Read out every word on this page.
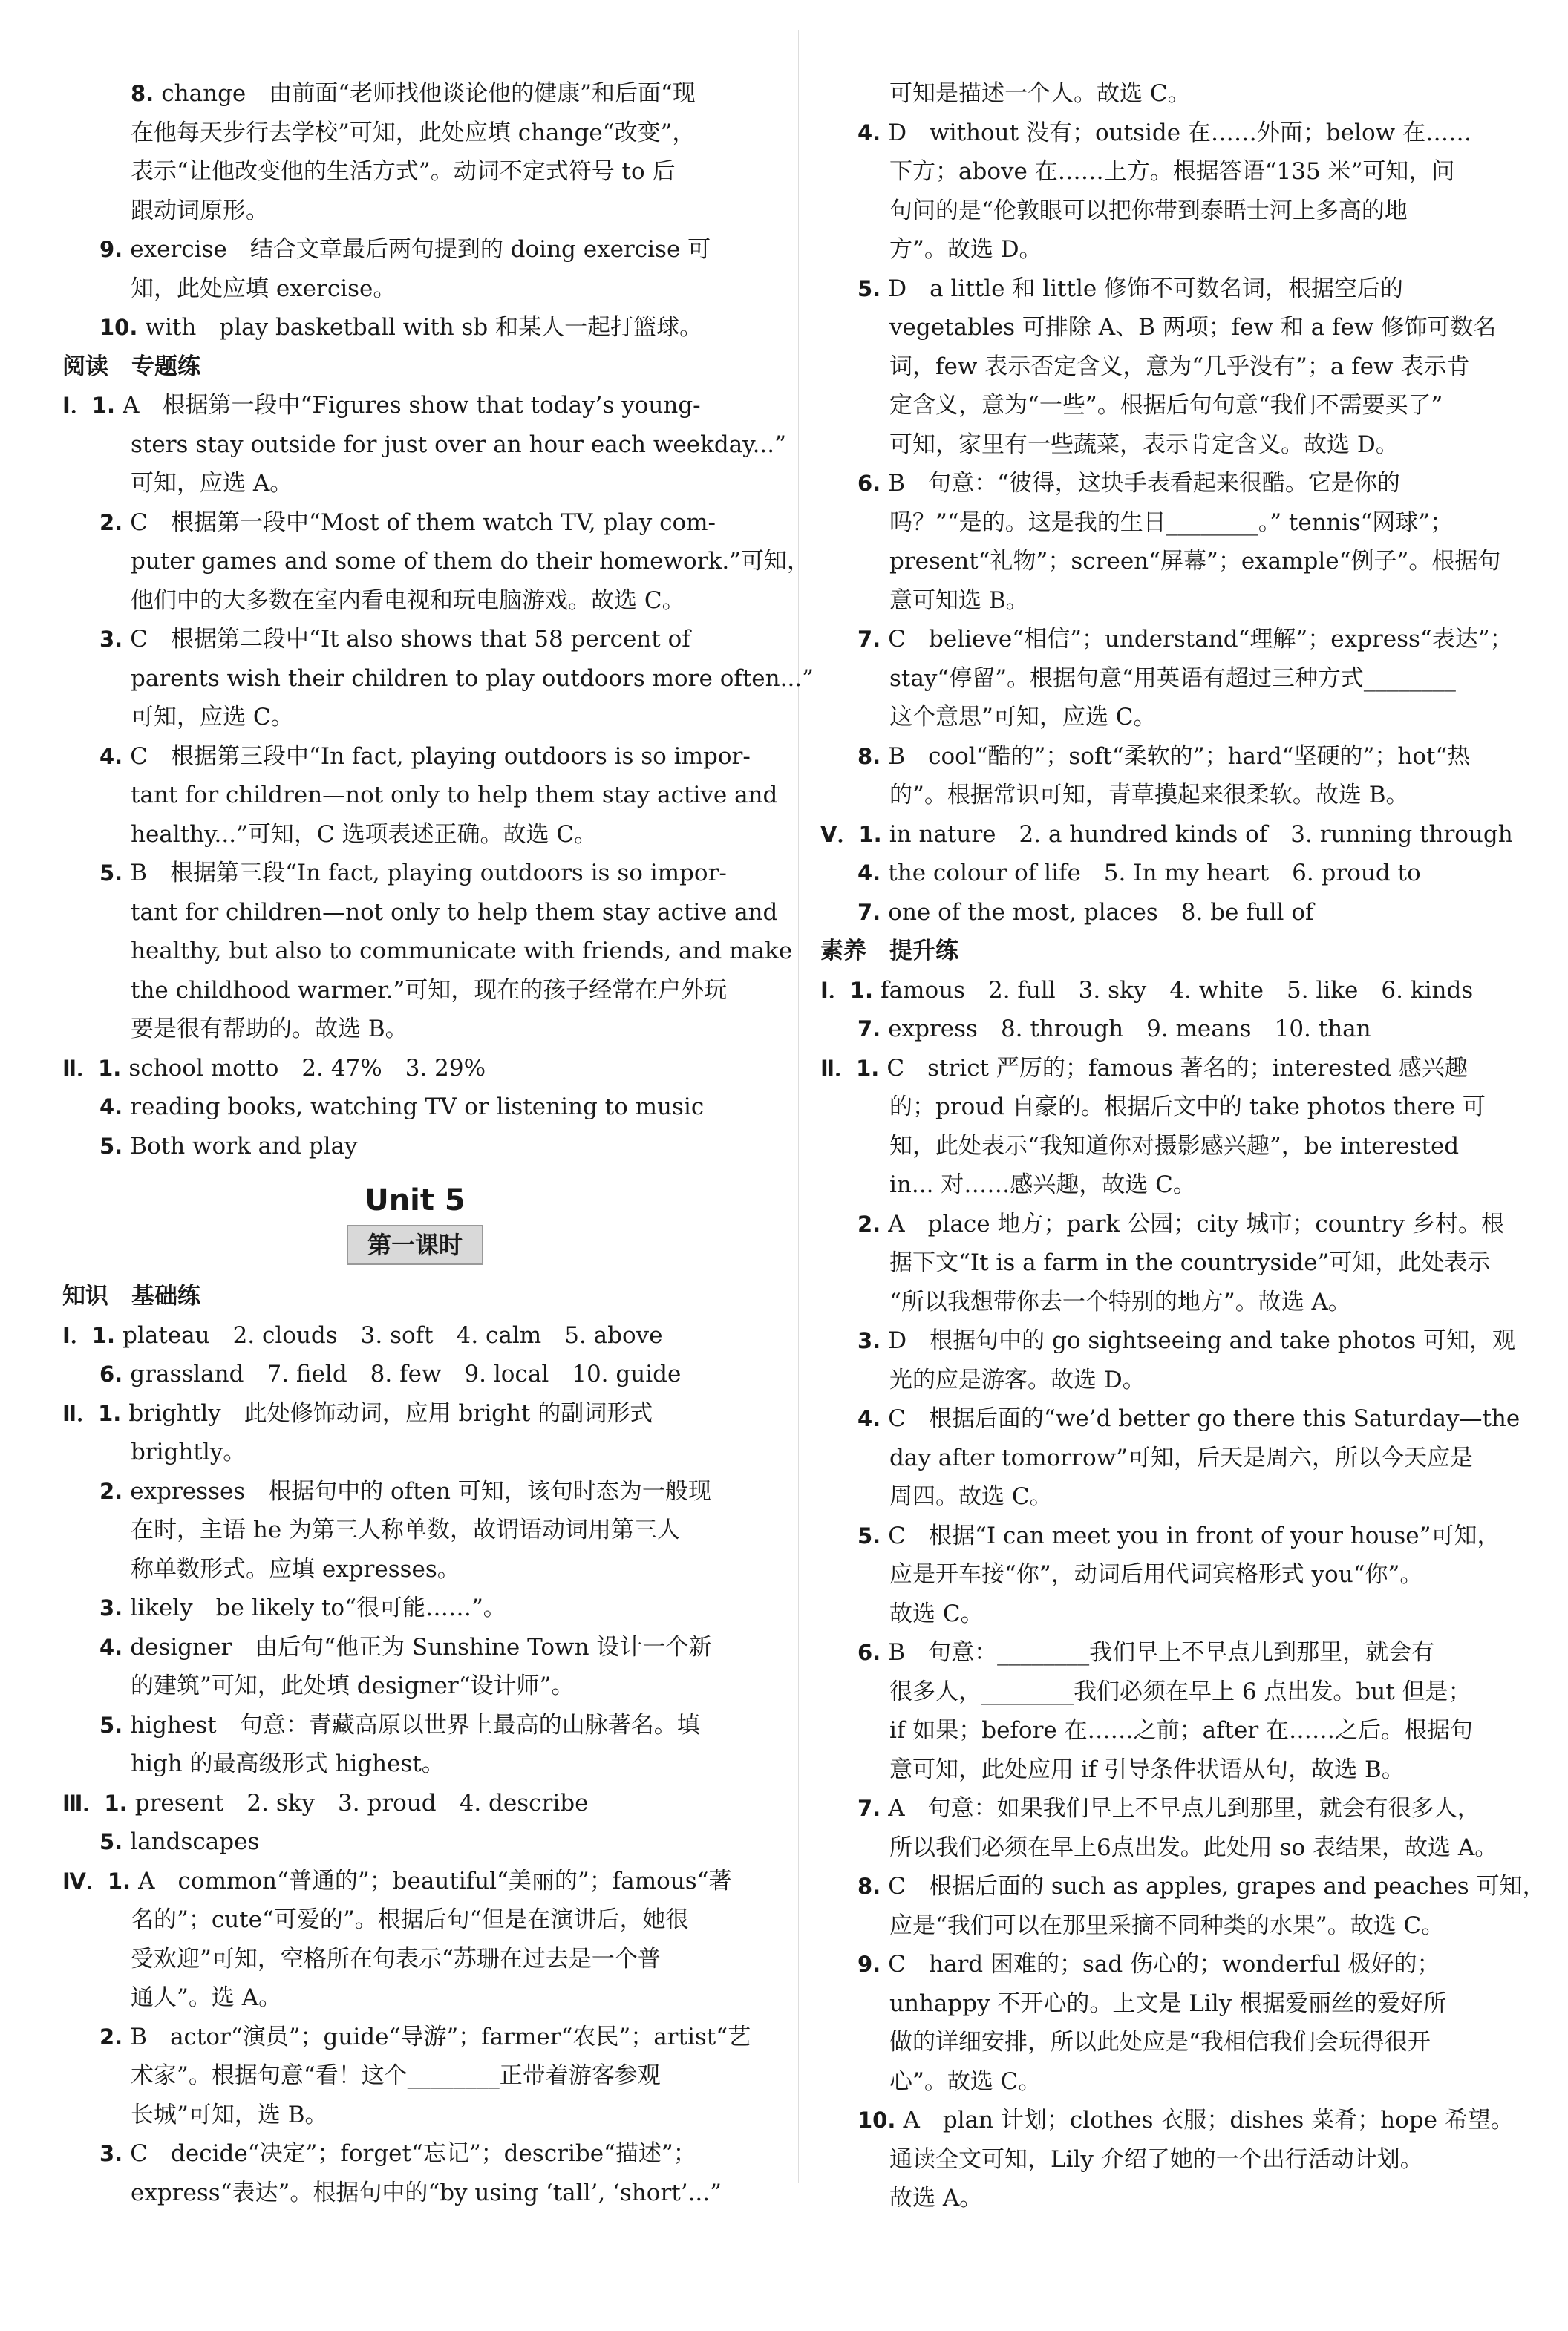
8. change　由前面“老师找他谈论他的健康”和后面“现
在他每天步行去学校”可知，此处应填 change“改变”，
表示“让他改变他的生活方式”。动词不定式符号 to 后
跟动词原形。
9. exercise　结合文章最后两句提到的 doing exercise 可
知，此处应填 exercise。
10. with　play basketball with sb 和某人一起打篮球。
阅读　专题练
Ⅰ．1. A　根据第一段中“Figures show that today’s young-
sters stay outside for just over an hour each weekday...”
可知，应选 A。
2. C　根据第一段中“Most of them watch TV, play com-
puter games and some of them do their homework.”可知，
他们中的大多数在室内看电视和玩电脑游戏。故选 C。
3. C　根据第二段中“It also shows that 58 percent of
parents wish their children to play outdoors more often...”
可知，应选 C。
4. C　根据第三段中“In fact, playing outdoors is so impor-
tant for children—not only to help them stay active and
healthy...”可知，C 选项表述正确。故选 C。
5. B　根据第三段“In fact, playing outdoors is so impor-
tant for children—not only to help them stay active and
healthy, but also to communicate with friends, and make
the childhood warmer.”可知，现在的孩子经常在户外玩
要是很有帮助的。故选 B。
Ⅱ．1. school motto　2. 47%　3. 29%
4. reading books, watching TV or listening to music
5. Both work and play
Unit 5
第一课时
知识　基础练
Ⅰ．1. plateau　2. clouds　3. soft　4. calm　5. above
6. grassland　7. field　8. few　9. local　10. guide
Ⅱ．1. brightly　此处修饰动词，应用 bright 的副词形式
brightly。
2. expresses　根据句中的 often 可知，该句时态为一般现
在时，主语 he 为第三人称单数，故谓语动词用第三人
称单数形式。应填 expresses。
3. likely　be likely to“很可能……”。
4. designer　由后句“他正为 Sunshine Town 设计一个新
的建筑”可知，此处填 designer“设计师”。
5. highest　句意：青藏高原以世界上最高的山脉著名。填
high 的最高级形式 highest。
Ⅲ．1. present　2. sky　3. proud　4. describe
5. landscapes
Ⅳ．1. A　common“普通的”；beautiful“美丽的”；famous“著
名的”；cute“可爱的”。根据后句“但是在演讲后，她很
受欢迎”可知，空格所在句表示“苏珊在过去是一个普
通人”。选 A。
2. B　actor“演员”；guide“导游”；farmer“农民”；artist“艺
术家”。根据句意“看！这个________正带着游客参观
长城”可知，选 B。
3. C　decide“决定”；forget“忘记”；describe“描述”；
express“表达”。根据句中的“by using ‘tall’, ‘short’...”
可知是描述一个人。故选 C。
4. D　without 没有；outside 在……外面；below 在……
下方；above 在……上方。根据答语“135 米”可知，问
句问的是“伦敦眼可以把你带到泰晤士河上多高的地
方”。故选 D。
5. D　a little 和 little 修饰不可数名词，根据空后的
vegetables 可排除 A、B 两项；few 和 a few 修饰可数名
词，few 表示否定含义，意为“几乎没有”；a few 表示肯
定含义，意为“一些”。根据后句句意“我们不需要买了”
可知，家里有一些蔬菜，表示肯定含义。故选 D。
6. B　句意：“彼得，这块手表看起来很酷。它是你的
吗？”“是的。这是我的生日________。” tennis“网球”；
present“礼物”；screen“屏幕”；example“例子”。根据句
意可知选 B。
7. C　believe“相信”；understand“理解”；express“表达”；
stay“停留”。根据句意“用英语有超过三种方式________
这个意思”可知，应选 C。
8. B　cool“酷的”；soft“柔软的”；hard“坚硬的”；hot“热
的”。根据常识可知，青草摸起来很柔软。故选 B。
Ⅴ．1. in nature　2. a hundred kinds of　3. running through
4. the colour of life　5. In my heart　6. proud to
7. one of the most, places　8. be full of
素养　提升练
Ⅰ．1. famous　2. full　3. sky　4. white　5. like　6. kinds
7. express　8. through　9. means　10. than
Ⅱ．1. C　strict 严厉的；famous 著名的；interested 感兴趣
的；proud 自豪的。根据后文中的 take photos there 可
知，此处表示“我知道你对摄影感兴趣”，be interested
in... 对……感兴趣，故选 C。
2. A　place 地方；park 公园；city 城市；country 乡村。根
据下文“It is a farm in the countryside”可知，此处表示
“所以我想带你去一个特别的地方”。故选 A。
3. D　根据句中的 go sightseeing and take photos 可知，观
光的应是游客。故选 D。
4. C　根据后面的“we’d better go there this Saturday—the
day after tomorrow”可知，后天是周六，所以今天应是
周四。故选 C。
5. C　根据“I can meet you in front of your house”可知，
应是开车接“你”，动词后用代词宾格形式 you“你”。
故选 C。
6. B　句意：________我们早上不早点儿到那里，就会有
很多人，________我们必须在早上 6 点出发。but 但是；
if 如果；before 在……之前；after 在……之后。根据句
意可知，此处应用 if 引导条件状语从句，故选 B。
7. A　句意：如果我们早上不早点儿到那里，就会有很多人，
所以我们必须在早上6点出发。此处用 so 表结果，故选 A。
8. C　根据后面的 such as apples, grapes and peaches 可知，
应是“我们可以在那里采摘不同种类的水果”。故选 C。
9. C　hard 困难的；sad 伤心的；wonderful 极好的；
unhappy 不开心的。上文是 Lily 根据爱丽丝的爱好所
做的详细安排，所以此处应是“我相信我们会玩得很开
心”。故选 C。
10. A　plan 计划；clothes 衣服；dishes 菜肴；hope 希望。
通读全文可知，Lily 介绍了她的一个出行活动计划。
故选 A。
